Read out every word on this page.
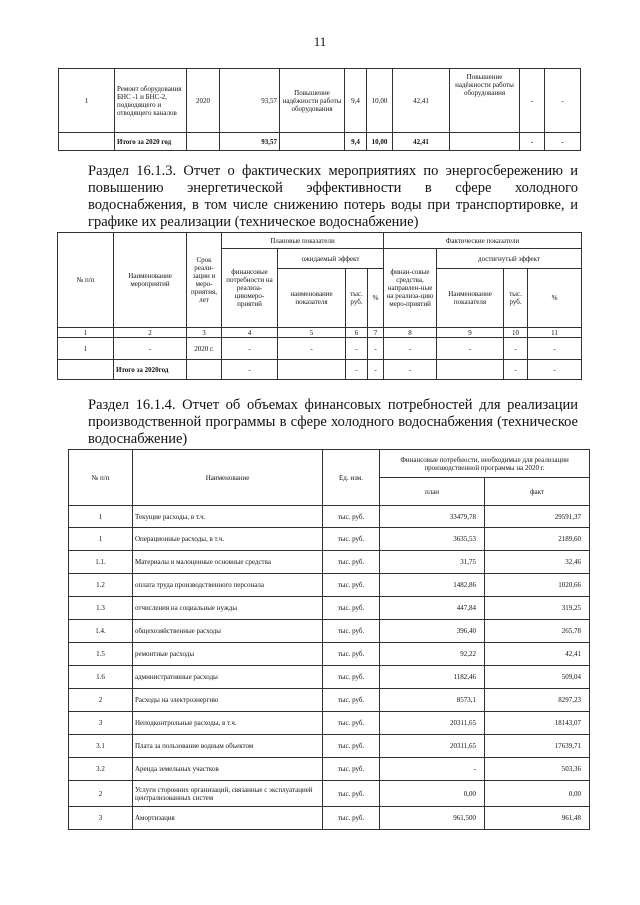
11
1	Ремонт оборудования БНС -1 и БНС-2, подводящего и отводящего каналов	2020	93,57	Повышение надёжности работы оборудования	9,4	10,00	42,41	Повышение надёжности работы оборудования	-	-
	Итого за 2020 год		93,57		9,4	10,00	42,41		-	-
Раздел 16.1.3. Отчет о фактических мероприятиях по энергосбережению и повышению энергетической эффективности в сфере холодного водоснабжения, в том числе снижению потерь воды при транспортировке, и графике их реализации (техническое водоснабжение)
№ п/п	Наименование мероприятий	Срок реали-зации и меро-приятия, лет	Плановые показатели				Фактические показатели			
			финансовые потребности на реализа-циюмеро-приятий	ожидаемый эффект			финан-совые средства, направлен-ные на реализа-цию меро-приятий	достигнутый эффект		
				наименование показателя	тыс. руб.	%		Наименование показателя	тыс. руб.	%

1	2	3	4	5	6	7	8	9	10	11
1	-	2020 г.	-	-	-	-	-	-	-	-
	Итого за 2020год		-		-	-	-		-	-
Раздел 16.1.4. Отчет об объемах финансовых потребностей для реализации производственной программы в сфере холодного водоснабжения (техническое водоснабжение)
№ п/п	Наименование	Ед. изм.	Финансовые потребности, необходимые для реализации производственной программы на 2020 г.	
			план	факт
1	Текущие расходы, в т.ч.	тыс. руб.	33479,78	29591,37
1	Операционные расходы, в т.ч.	тыс. руб.	3635,53	2189,60
1.1.	Материалы и малоценные основные средства	тыс. руб.	31,75	32,46
1.2	оплата труда производственного персонала	тыс. руб.	1482,86	1020,66
1.3	отчисления на социальные нужды	тыс. руб.	447,84	319,25
1.4.	общехозяйственные расходы	тыс. руб.	396,40	265,78
1.5	ремонтные расходы	тыс. руб.	92,22	42,41
1.6	административные расходы	тыс. руб.	1182,46	509,04
2	Расходы на электроэнергию	тыс. руб.	8573,1	8297,23
3	Неподконтрольные расходы, в т.ч.	тыс. руб.	20311,65	18143,07
3.1	Плата за пользование водным объектом	тыс. руб.	20311,65	17639,71
3.2	Аренда земельных участков	тыс. руб.	-	503,36
2	Услуги сторонних организаций, связанные с эксплуатацией централизованных систем	тыс. руб.	0,00	0,00
3	Амортизация	тыс. руб.	961,500	961,48
